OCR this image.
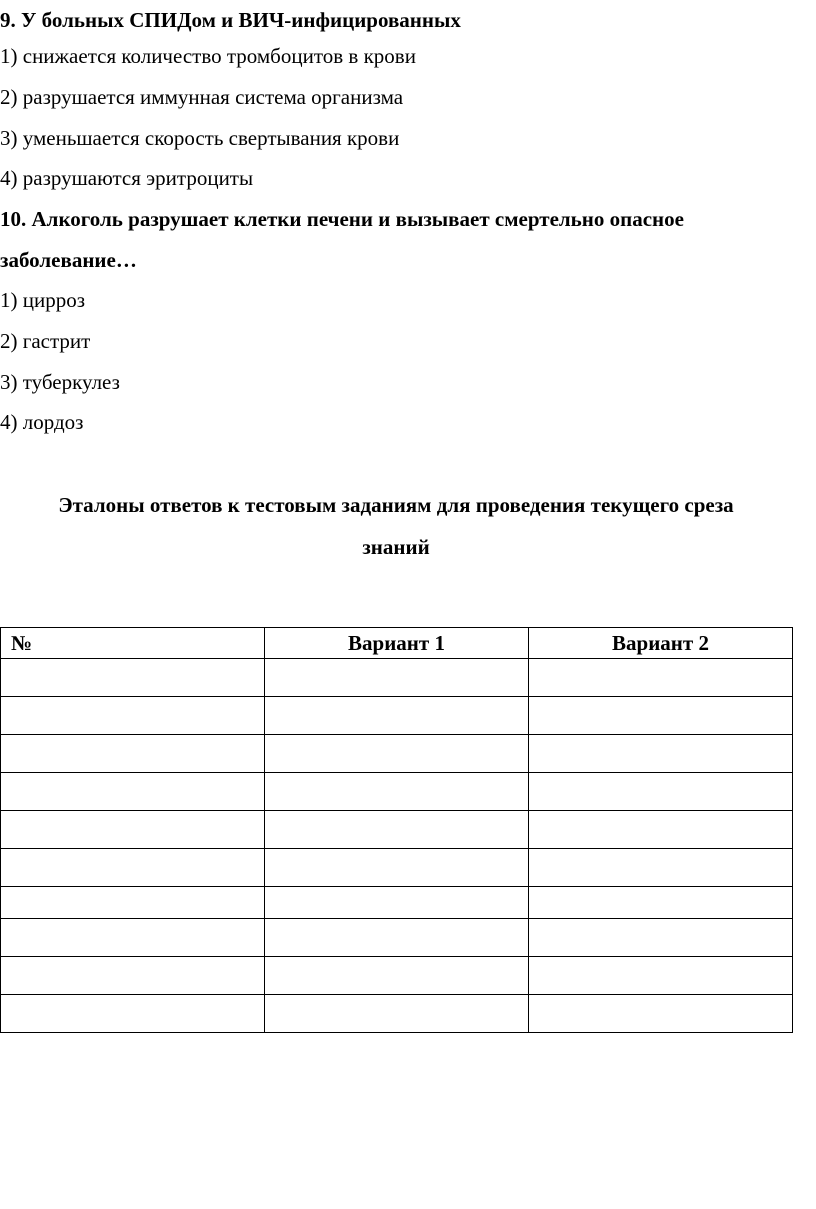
9. У больных СПИДом и ВИЧ-инфицированных
1) снижается количество тромбоцитов в крови
2) разрушается иммунная система организма
3) уменьшается скорость свертывания крови
4) разрушаются эритроциты
10. Алкоголь разрушает клетки печени и вызывает смертельно опасное
заболевание…
1) цирроз
2) гастрит
3) туберкулез
4) лордоз
Эталоны ответов к тестовым заданиям для проведения текущего среза
знаний
№	Вариант 1	Вариант 2
